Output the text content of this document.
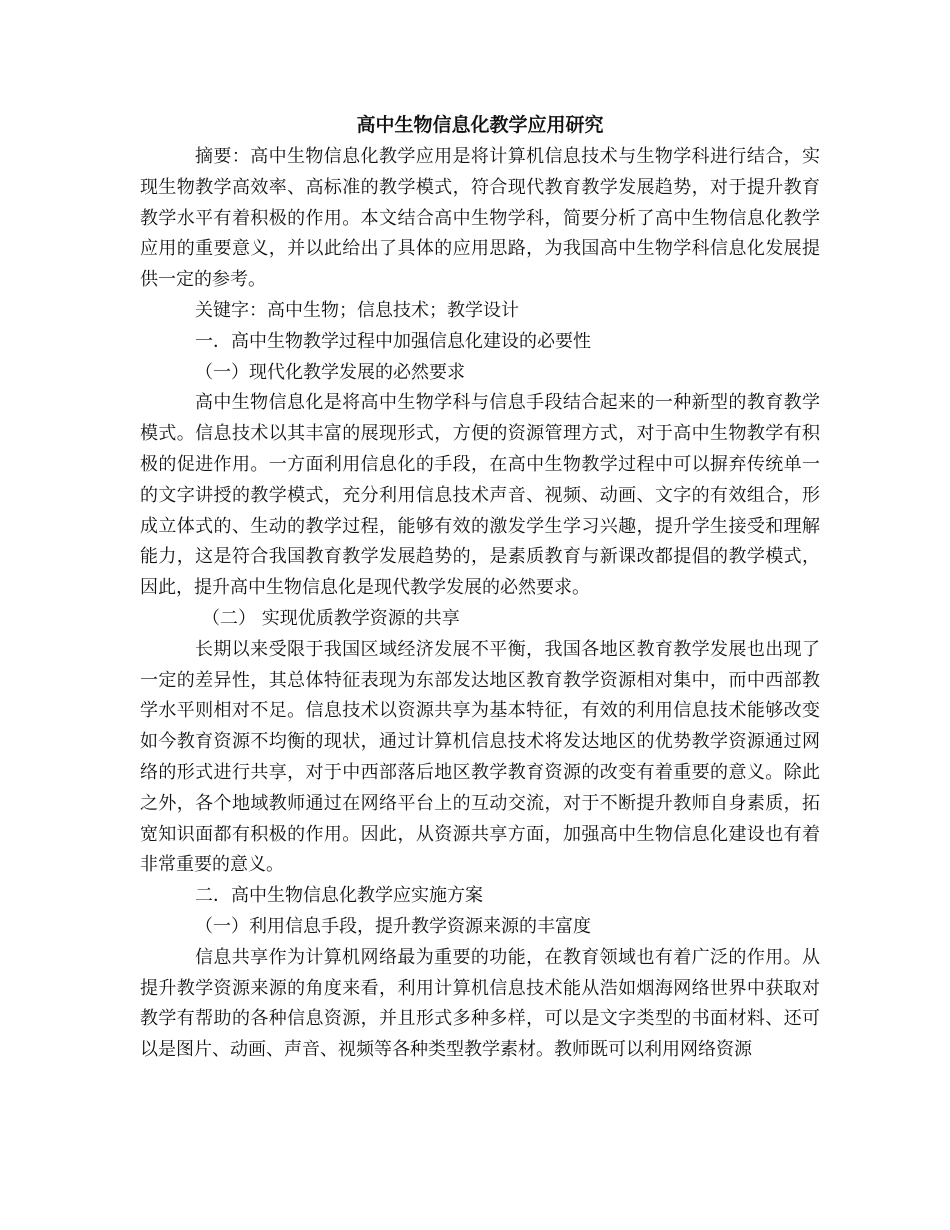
高中生物信息化教学应用研究

摘要：高中生物信息化教学应用是将计算机信息技术与生物学科进行结合，实现生物教学高效率、高标准的教学模式，符合现代教育教学发展趋势，对于提升教育教学水平有着积极的作用。本文结合高中生物学科，简要分析了高中生物信息化教学应用的重要意义，并以此给出了具体的应用思路，为我国高中生物学科信息化发展提供一定的参考。

关键字：高中生物；信息技术；教学设计

一．高中生物教学过程中加强信息化建设的必要性

（一）现代化教学发展的必然要求

高中生物信息化是将高中生物学科与信息手段结合起来的一种新型的教育教学模式。信息技术以其丰富的展现形式，方便的资源管理方式，对于高中生物教学有积极的促进作用。一方面利用信息化的手段，在高中生物教学过程中可以摒弃传统单一的文字讲授的教学模式，充分利用信息技术声音、视频、动画、文字的有效组合，形成立体式的、生动的教学过程，能够有效的激发学生学习兴趣，提升学生接受和理解能力，这是符合我国教育教学发展趋势的，是素质教育与新课改都提倡的教学模式，因此，提升高中生物信息化是现代教学发展的必然要求。

（二） 实现优质教学资源的共享

长期以来受限于我国区域经济发展不平衡，我国各地区教育教学发展也出现了一定的差异性，其总体特征表现为东部发达地区教育教学资源相对集中，而中西部教学水平则相对不足。信息技术以资源共享为基本特征，有效的利用信息技术能够改变如今教育资源不均衡的现状，通过计算机信息技术将发达地区的优势教学资源通过网络的形式进行共享，对于中西部落后地区教学教育资源的改变有着重要的意义。除此之外，各个地域教师通过在网络平台上的互动交流，对于不断提升教师自身素质，拓宽知识面都有积极的作用。因此，从资源共享方面，加强高中生物信息化建设也有着非常重要的意义。

二．高中生物信息化教学应实施方案

（一）利用信息手段，提升教学资源来源的丰富度

信息共享作为计算机网络最为重要的功能，在教育领域也有着广泛的作用。从提升教学资源来源的角度来看，利用计算机信息技术能从浩如烟海网络世界中获取对教学有帮助的各种信息资源，并且形式多种多样，可以是文字类型的书面材料、还可以是图片、动画、声音、视频等各种类型教学素材。教师既可以利用网络资源
